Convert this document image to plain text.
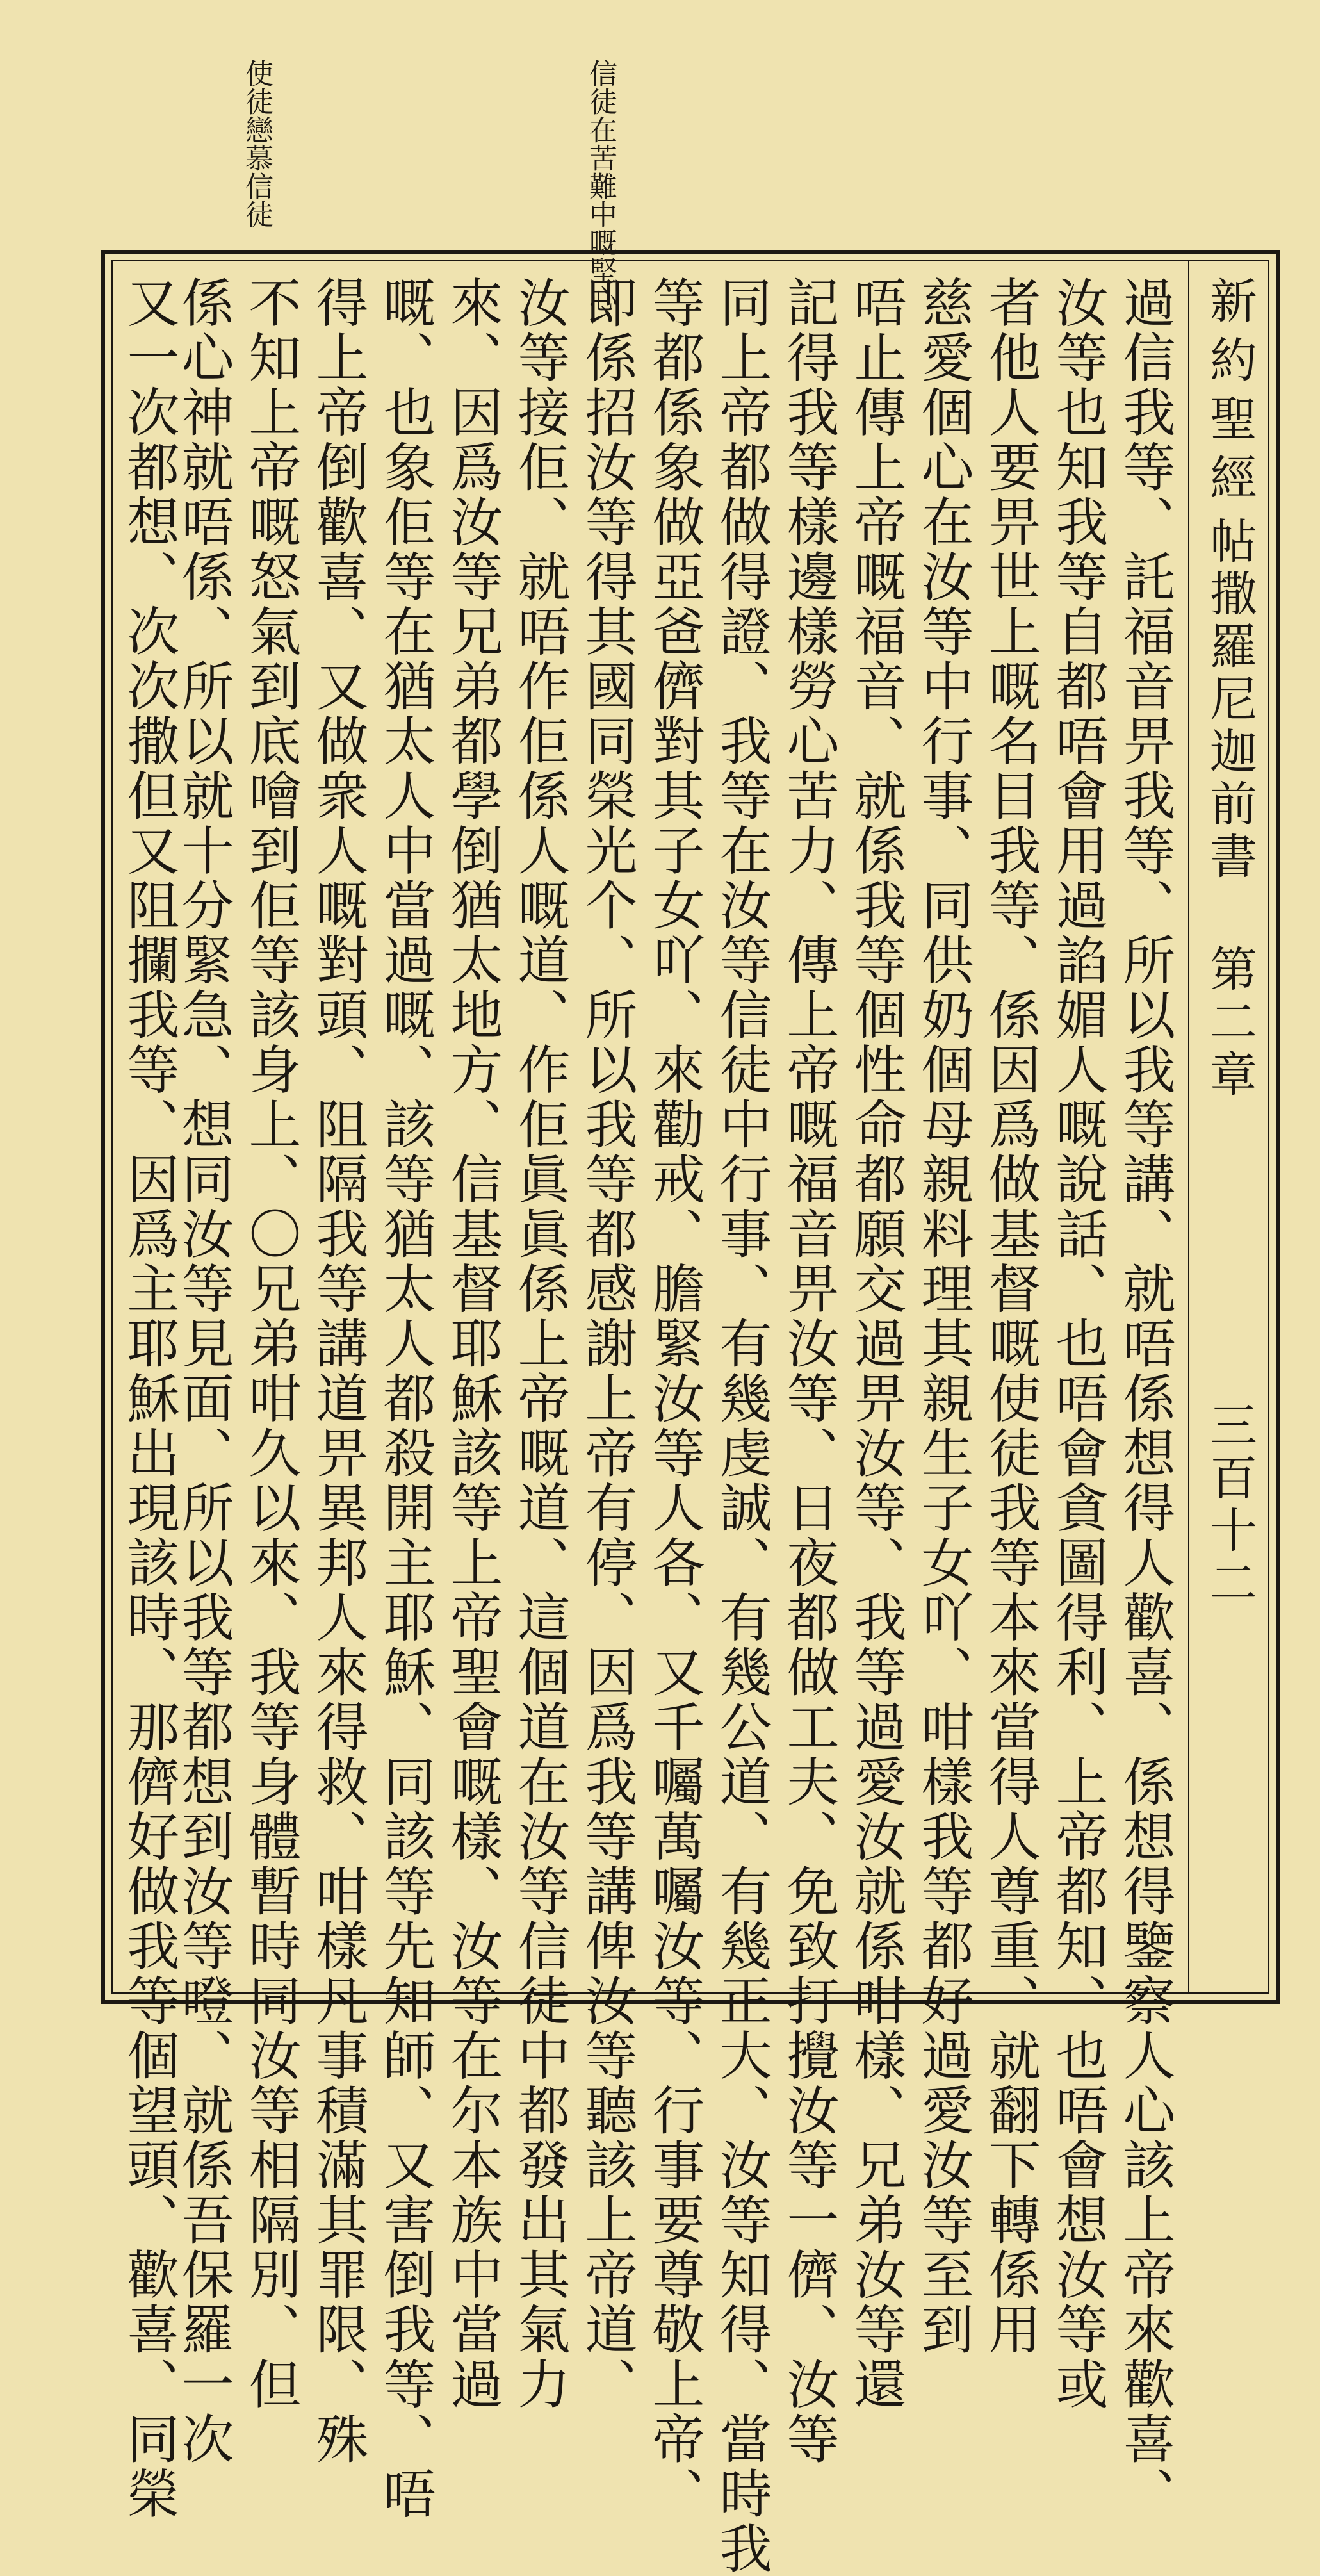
信徒在苦難中嘅堅心
使徒戀慕信徒
新約聖經
帖撒羅尼迦前書 第二章
三百十二
過信我等、託福音畀我等、所以我等講、就唔係想得人歡喜、係想得鑒察人心該上帝來歡喜、
汝等也知我等自都唔會用過諂媚人嘅說話、也唔會貪圖得利、上帝都知、也唔會想汝等或
者他人要畀世上嘅名目我等、係因爲做基督嘅使徒我等本來當得人尊重、就翻下轉係用
慈愛個心在汝等中行事、同供奶個母親料理其親生子女吖、咁樣我等都好過愛汝等至到
唔止傳上帝嘅福音、就係我等個性命都願交過畀汝等、我等過愛汝就係咁樣、兄弟汝等還
記得我等樣邊樣勞心苦力、傳上帝嘅福音畀汝等、日夜都做工夫、免致打攪汝等一儕、汝等
同上帝都做得證、我等在汝等信徒中行事、有幾虔誠、有幾公道、有幾正大、汝等知得、當時我
等都係象做亞爸儕對其子女吖、來勸戒、膽緊汝等人各、又千囑萬囑汝等、行事要尊敬上帝、
即係招汝等得其國同榮光个、所以我等都感謝上帝有停、因爲我等講俾汝等聽該上帝道、
汝等接佢、就唔作佢係人嘅道、作佢眞眞係上帝嘅道、這個道在汝等信徒中都發出其氣力
來、因爲汝等兄弟都學倒猶太地方、信基督耶穌該等上帝聖會嘅樣、汝等在尔本族中當過
嘅、也象佢等在猶太人中當過嘅、該等猶太人都殺開主耶穌、同該等先知師、又害倒我等、唔
得上帝倒歡喜、又做衆人嘅對頭、阻隔我等講道畀異邦人來得救、咁樣凡事積滿其罪限、殊
不知上帝嘅怒氣到底噲到佢等該身上、〇兄弟咁久以來、我等身體暫時同汝等相隔別、但
係心神就唔係、所以就十分緊急、想同汝等見面、所以我等都想到汝等噔、就係吾保羅一次
又一次都想、次次撒但又阻攔我等、因爲主耶穌出現該時、那儕好做我等個望頭、歡喜、同榮
